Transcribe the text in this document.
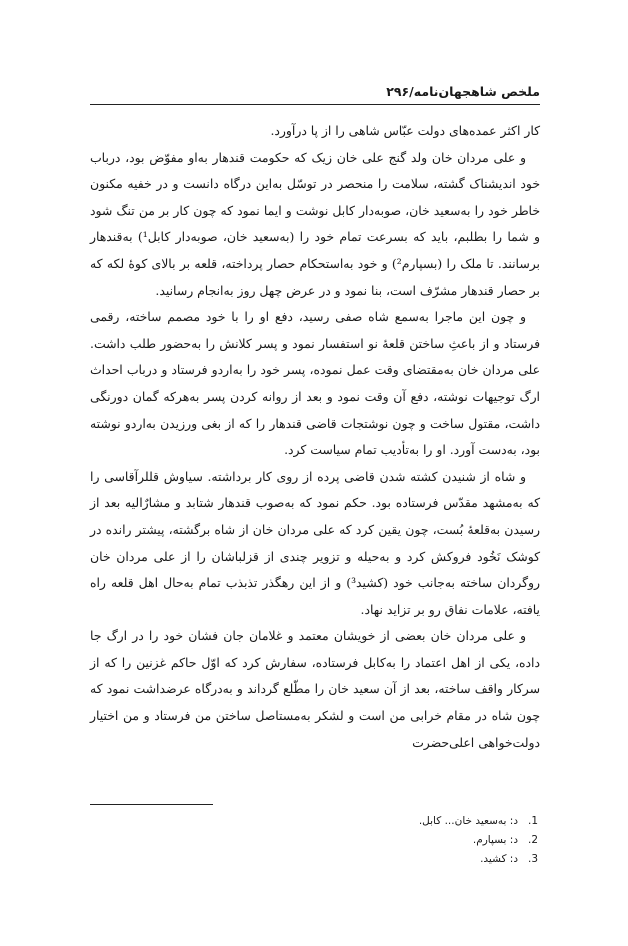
ملخص شاهجهان‌نامه/۲۹۶

کار اکثر عمده‌های دولت عبّاس شاهی را از پا درآورد.

و علی مردان خان ولد گنج علی خان زیک که حکومت قندهار به‌او مفوّض بود، درباب خود اندیشناک گشته، سلامت را منحصر در توسّل به‌این درگاه دانست و در خفیه مکنون خاطر خود را به‌سعید خان، صوبه‌دار کابل نوشت و ایما نمود که چون کار بر من تنگ شود و شما را بطلبم، باید که بسرعت تمام خود را (به‌سعید خان، صوبه‌دار کابل¹) به‌قندهار برسانند. تا ملک را (بسپارم²) و خود به‌استحکام حصار پرداخته، قلعه بر بالای کوهٔ لکه که بر حصار قندهار مشرّف است، بنا نمود و در عرض چهل روز به‌انجام رسانید.

و چون این ماجرا به‌سمع شاه صفی رسید، دفع او را با خود مصمم ساخته، رقمی فرستاد و از باعثِ ساختن قلعهٔ نو استفسار نمود و پسر کلانش را به‌حضور طلب داشت. علی مردان خان به‌مقتضای وقت عمل نموده، پسر خود را به‌اردو فرستاد و درباب احداث ارگ توجیهات نوشته، دفع آن وقت نمود و بعد از روانه کردن پسر به‌هرکه گمان دورنگی داشت، مقتول ساخت و چون نوشتجات قاضی قندهار را که از بغی ورزیدن به‌اردو نوشته بود، به‌دست آورد. او را به‌تأدیب تمام سیاست کرد.

و شاه از شنیدن کشته شدن قاضی پرده از روی کار برداشته. سیاوش قللرآقاسی را که به‌مشهد مقدّس فرستاده بود. حکم نمود که به‌صوب قندهار شتابد و مشارٌالیه بعد از رسیدن به‌قلعهٔ بُست، چون یقین کرد که علی مردان خان از شاه برگشته، پیشتر رانده در کوشک نَخُود فروکش کرد و به‌حیله و تزویر چندی از قزلباشان را از علی مردان خان روگردان ساخته به‌جانب خود (کشید³) و از این رهگذر تذبذب تمام به‌حال اهل قلعه راه یافته، علامات نفاق رو بر تزاید نهاد.

و علی مردان خان بعضی از خویشان معتمد و غلامان جان فشان خود را در ارگ جا داده، یکی از اهل اعتماد را به‌کابل فرستاده، سفارش کرد که اوّل حاکم غزنین را که از سرکار واقف ساخته، بعد از آن سعید خان را مطّلع گرداند و به‌درگاه عرضداشت نمود که چون شاه در مقام خرابی من است و لشکر به‌مستاصل ساختن من فرستاد و من اختیار دولت‌خواهی اعلی‌حضرت

1.
د: به‌سعید خان... کابل.
2.
د: بسپارم.
3.
د: کشید.
